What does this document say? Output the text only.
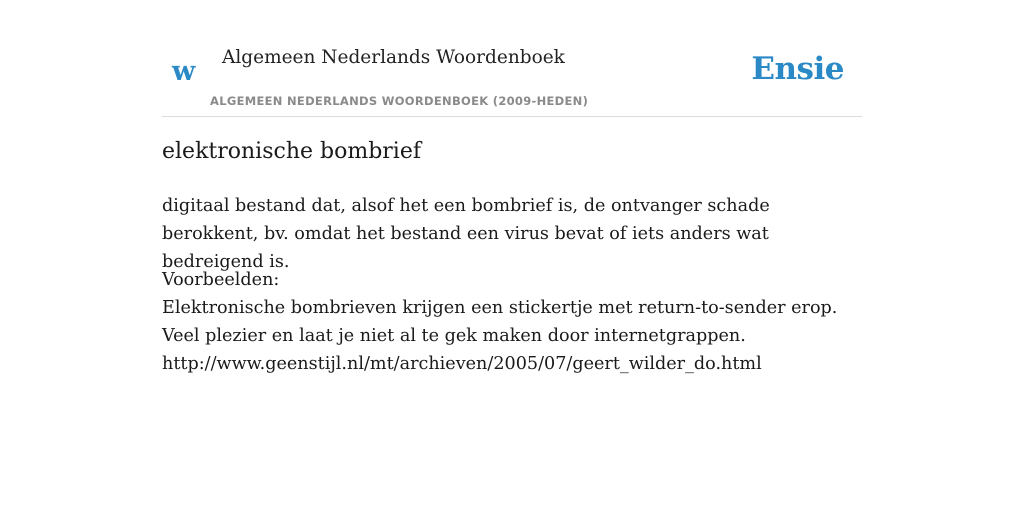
w Algemeen Nederlands Woordenboek
ALGEMEEN NEDERLANDS WOORDENBOEK (2009-HEDEN)
Ensie
elektronische bombrief

digitaal bestand dat, alsof het een bombrief is, de ontvanger schade berokkent, bv. omdat het bestand een virus bevat of iets anders wat bedreigend is.

Voorbeelden:
Elektronische bombrieven krijgen een stickertje met return-to-sender erop. Veel plezier en laat je niet al te gek maken door internetgrappen.
http://www.geenstijl.nl/mt/archieven/2005/07/geert_wilder_do.html
